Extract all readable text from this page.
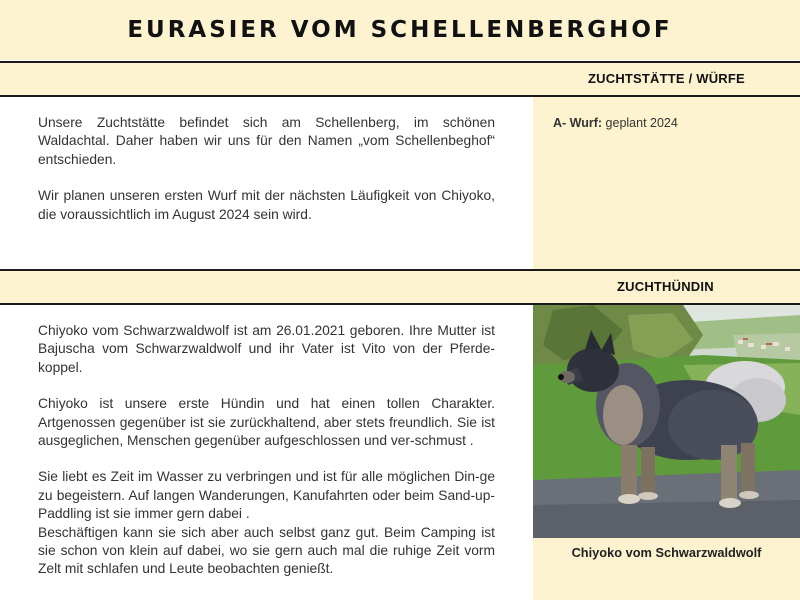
EURASIER VOM SCHELLENBERGHOF
ZUCHTSTÄTTE / WÜRFE

Unsere Zuchtstätte befindet sich am Schellenberg, im schönen Waldachtal. Daher haben wir uns für den Namen „vom Schellenbeghof“ entschieden.

Wir planen unseren ersten Wurf mit der nächsten Läufigkeit von Chiyoko, die voraussichtlich im August 2024 sein wird.

A- Wurf: geplant 2024
ZUCHTHÜNDIN

Chiyoko vom Schwarzwaldwolf ist am 26.01.2021 geboren. Ihre Mutter ist Bajuscha vom Schwarzwaldwolf und ihr Vater ist Vito von der Pferde-koppel.

Chiyoko ist unsere erste Hündin und hat einen tollen Charakter. Artgenossen gegenüber ist sie zurückhaltend, aber stets freundlich. Sie ist ausgeglichen, Menschen gegenüber aufgeschlossen und ver-schmust .

Sie liebt es Zeit im Wasser zu verbringen und ist für alle möglichen Din-ge zu begeistern. Auf langen Wanderungen, Kanufahrten oder beim Sand-up-Paddling ist sie immer gern dabei .

Beschäftigen kann sie sich aber auch selbst ganz gut. Beim Camping ist sie schon von klein auf dabei, wo sie gern auch mal die ruhige Zeit vorm Zelt mit schlafen und Leute beobachten genießt.

Chiyoko vom Schwarzwaldwolf
